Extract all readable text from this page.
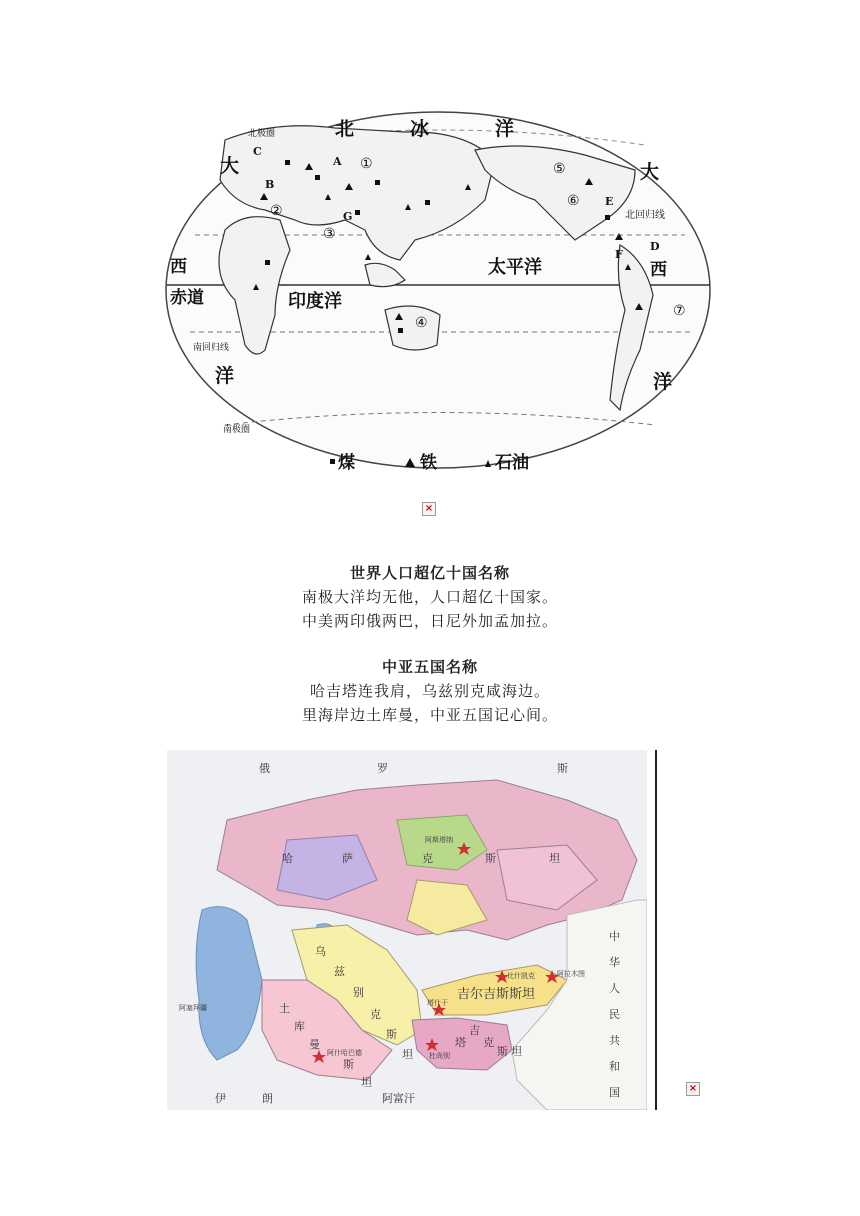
北	冰	洋
大
西
赤道
洋
南回归线
大
西
洋
北回归线
太平洋
印度洋
南极圈
北极圈
①
②
③
④
⑤
⑥
⑦
A
B
C
D
E
F
G
煤	铁	石油
×
世界人口超亿十国名称
南极大洋均无他，人口超亿十国家。
中美两印俄两巴，日尼外加孟加拉。
中亚五国名称
哈吉塔连我肩，乌兹别克咸海边。
里海岸边土库曼，中亚五国记心间。
俄	罗	斯
哈	萨	克	斯	坦
乌
兹
别
克
斯
坦
土
库
曼
斯
坦
吉尔吉斯斯坦
塔
吉
克
斯 坦
中
华
人
民
共
和
国
伊	朗	阿富汗
阿塞拜疆
阿斯塔纳
阿什哈巴德
塔什干
比什凯克	阿拉木图
杜尚别
×
